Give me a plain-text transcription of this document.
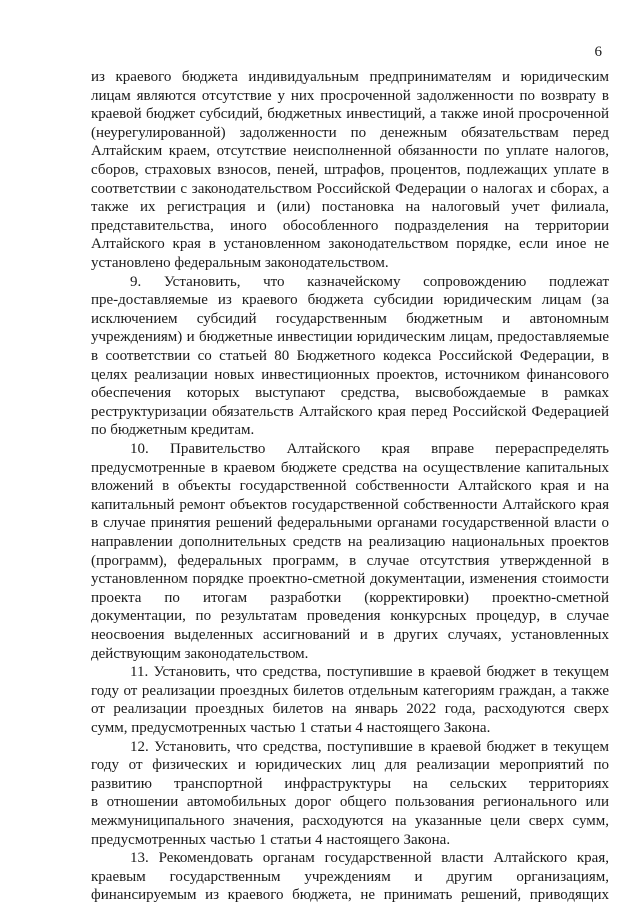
6
из краевого бюджета индивидуальным предпринимателям и юридическим
лицам являются отсутствие у них просроченной задолженности по возврату в
краевой бюджет субсидий, бюджетных инвестиций, а также иной просроченной
(неурегулированной) задолженности по денежным обязательствам перед
Алтайским краем, отсутствие неисполненной обязанности по уплате налогов,
сборов, страховых взносов, пеней, штрафов, процентов, подлежащих уплате в
соответствии с законодательством Российской Федерации о налогах и сборах, а
также их регистрация и (или) постановка на налоговый учет филиала,
представительства, иного обособленного подразделения на территории
Алтайского края в установленном законодательством порядке, если иное не
установлено федеральным законодательством.
9. Установить, что казначейскому сопровождению подлежат
пре-доставляемые из краевого бюджета субсидии юридическим лицам (за
исключением субсидий государственным бюджетным и автономным
учреждениям) и бюджетные инвестиции юридическим лицам, предоставляемые
в соответствии со статьей 80 Бюджетного кодекса Российской Федерации, в
целях реализации новых инвестиционных проектов, источником финансового
обеспечения которых выступают средства, высвобождаемые в рамках
реструктуризации обязательств Алтайского края перед Российской Федерацией
по бюджетным кредитам.
10. Правительство Алтайского края вправе перераспределять
предусмотренные в краевом бюджете средства на осуществление капитальных
вложений в объекты государственной собственности Алтайского края и на
капитальный ремонт объектов государственной собственности Алтайского края
в случае принятия решений федеральными органами государственной власти о
направлении дополнительных средств на реализацию национальных проектов
(программ), федеральных программ, в случае отсутствия утвержденной в
установленном порядке проектно-сметной документации, изменения стоимости
проекта по итогам разработки (корректировки) проектно-сметной
документации, по результатам проведения конкурсных процедур, в случае
неосвоения выделенных ассигнований и в других случаях, установленных
действующим законодательством.
11. Установить, что средства, поступившие в краевой бюджет в текущем
году от реализации проездных билетов отдельным категориям граждан, а также
от реализации проездных билетов на январь 2022 года, расходуются сверх
сумм, предусмотренных частью 1 статьи 4 настоящего Закона.
12. Установить, что средства, поступившие в краевой бюджет в текущем
году от физических и юридических лиц для реализации мероприятий по
развитию транспортной инфраструктуры на сельских территориях
в отношении автомобильных дорог общего пользования регионального или
межмуниципального значения, расходуются на указанные цели сверх сумм,
предусмотренных частью 1 статьи 4 настоящего Закона.
13. Рекомендовать органам государственной власти Алтайского края,
краевым государственным учреждениям и другим организациям,
финансируемым из краевого бюджета, не принимать решений, приводящих
